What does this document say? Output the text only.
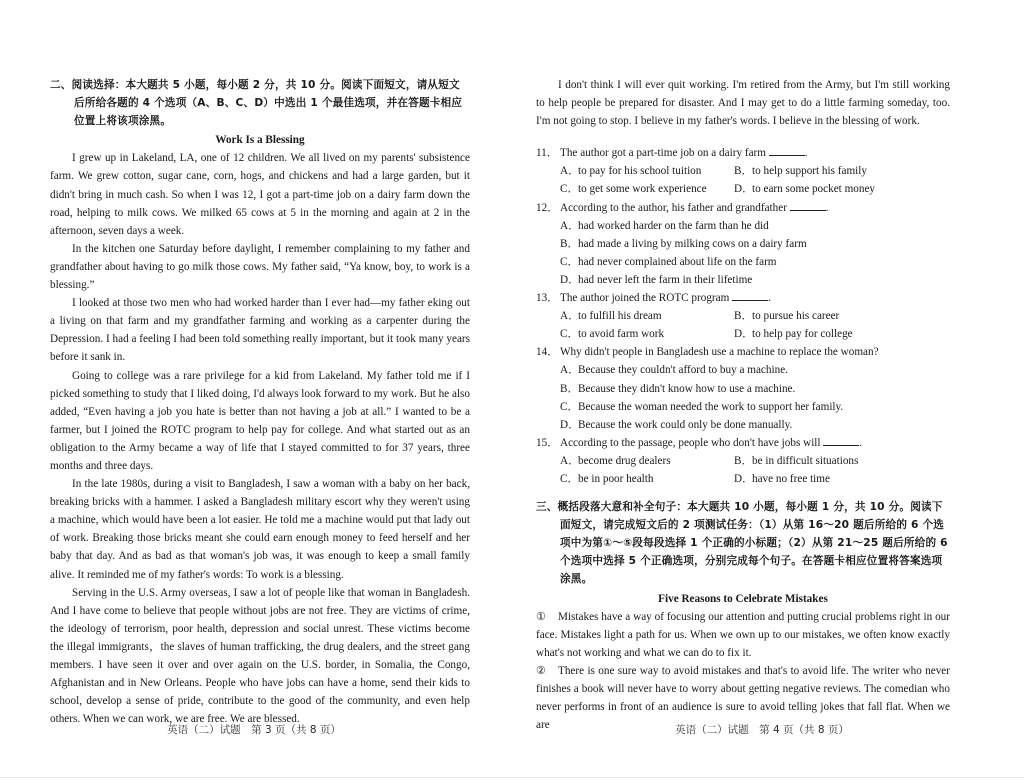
二、阅读选择：本大题共 5 小题，每小题 2 分，共 10 分。阅读下面短文，请从短文后所给各题的 4 个选项（A、B、C、D）中选出 1 个最佳选项，并在答题卡相应位置上将该项涂黑。
Work Is a Blessing

I grew up in Lakeland, LA, one of 12 children. We all lived on my parents' subsistence farm. We grew cotton, sugar cane, corn, hogs, and chickens and had a large garden, but it didn't bring in much cash. So when I was 12, I got a part-time job on a dairy farm down the road, helping to milk cows. We milked 65 cows at 5 in the morning and again at 2 in the afternoon, seven days a week.

In the kitchen one Saturday before daylight, I remember complaining to my father and grandfather about having to go milk those cows. My father said, “Ya know, boy, to work is a blessing.”

I looked at those two men who had worked harder than I ever had—my father eking out a living on that farm and my grandfather farming and working as a carpenter during the Depression. I had a feeling I had been told something really important, but it took many years before it sank in.

Going to college was a rare privilege for a kid from Lakeland. My father told me if I picked something to study that I liked doing, I'd always look forward to my work. But he also added, “Even having a job you hate is better than not having a job at all.” I wanted to be a farmer, but I joined the ROTC program to help pay for college. And what started out as an obligation to the Army became a way of life that I stayed committed to for 37 years, three months and three days.

In the late 1980s, during a visit to Bangladesh, I saw a woman with a baby on her back, breaking bricks with a hammer. I asked a Bangladesh military escort why they weren't using a machine, which would have been a lot easier. He told me a machine would put that lady out of work. Breaking those bricks meant she could earn enough money to feed herself and her baby that day. And as bad as that woman's job was, it was enough to keep a small family alive. It reminded me of my father's words: To work is a blessing.

Serving in the U.S. Army overseas, I saw a lot of people like that woman in Bangladesh. And I have come to believe that people without jobs are not free. They are victims of crime, the ideology of terrorism, poor health, depression and social unrest. These victims become the illegal immigrants，the slaves of human trafficking, the drug dealers, and the street gang members. I have seen it over and over again on the U.S. border, in Somalia, the Congo, Afghanistan and in New Orleans. People who have jobs can have a home, send their kids to school, develop a sense of pride, contribute to the good of the community, and even help others. When we can work, we are free. We are blessed.

英语（二）试题　第 3 页（共 8 页）

I don't think I will ever quit working. I'm retired from the Army, but I'm still working to help people be prepared for disaster. And I may get to do a little farming someday, too. I'm not going to stop. I believe in my father's words. I believe in the blessing of work.

11． The author got a part-time job on a dairy farm	.
A．to pay for his school tuition	B．to help support his family
C．to get some work experience	D．to earn some pocket money
12． According to the author, his father and grandfather	.
A．had worked harder on the farm than he did
B．had made a living by milking cows on a dairy farm
C．had never complained about life on the farm
D．had never left the farm in their lifetime
13． The author joined the ROTC program	.
A．to fulfill his dream	B．to pursue his career
C．to avoid farm work	D．to help pay for college
14． Why didn't people in Bangladesh use a machine to replace the woman?
A．Because they couldn't afford to buy a machine.
B．Because they didn't know how to use a machine.
C．Because the woman needed the work to support her family.
D．Because the work could only be done manually.
15． According to the passage, people who don't have jobs will	.
A．become drug dealers	B．be in difficult situations
C．be in poor health	D．have no free time
三、概括段落大意和补全句子：本大题共 10 小题，每小题 1 分，共 10 分。阅读下面短文，请完成短文后的 2 项测试任务：（1）从第 16～20 题后所给的 6 个选项中为第①～⑤段每段选择 1 个正确的小标题；（2）从第 21～25 题后所给的 6 个选项中选择 5 个正确选项，分别完成每个句子。在答题卡相应位置将答案选项涂黑。
Five Reasons to Celebrate Mistakes

① Mistakes have a way of focusing our attention and putting crucial problems right in our face. Mistakes light a path for us. When we own up to our mistakes, we often know exactly what's not working and what we can do to fix it.

② There is one sure way to avoid mistakes and that's to avoid life. The writer who never finishes a book will never have to worry about getting negative reviews. The comedian who never performs in front of an audience is sure to avoid telling jokes that fall flat. When we are	英语（二）试题　第 4 页（共 8 页）
